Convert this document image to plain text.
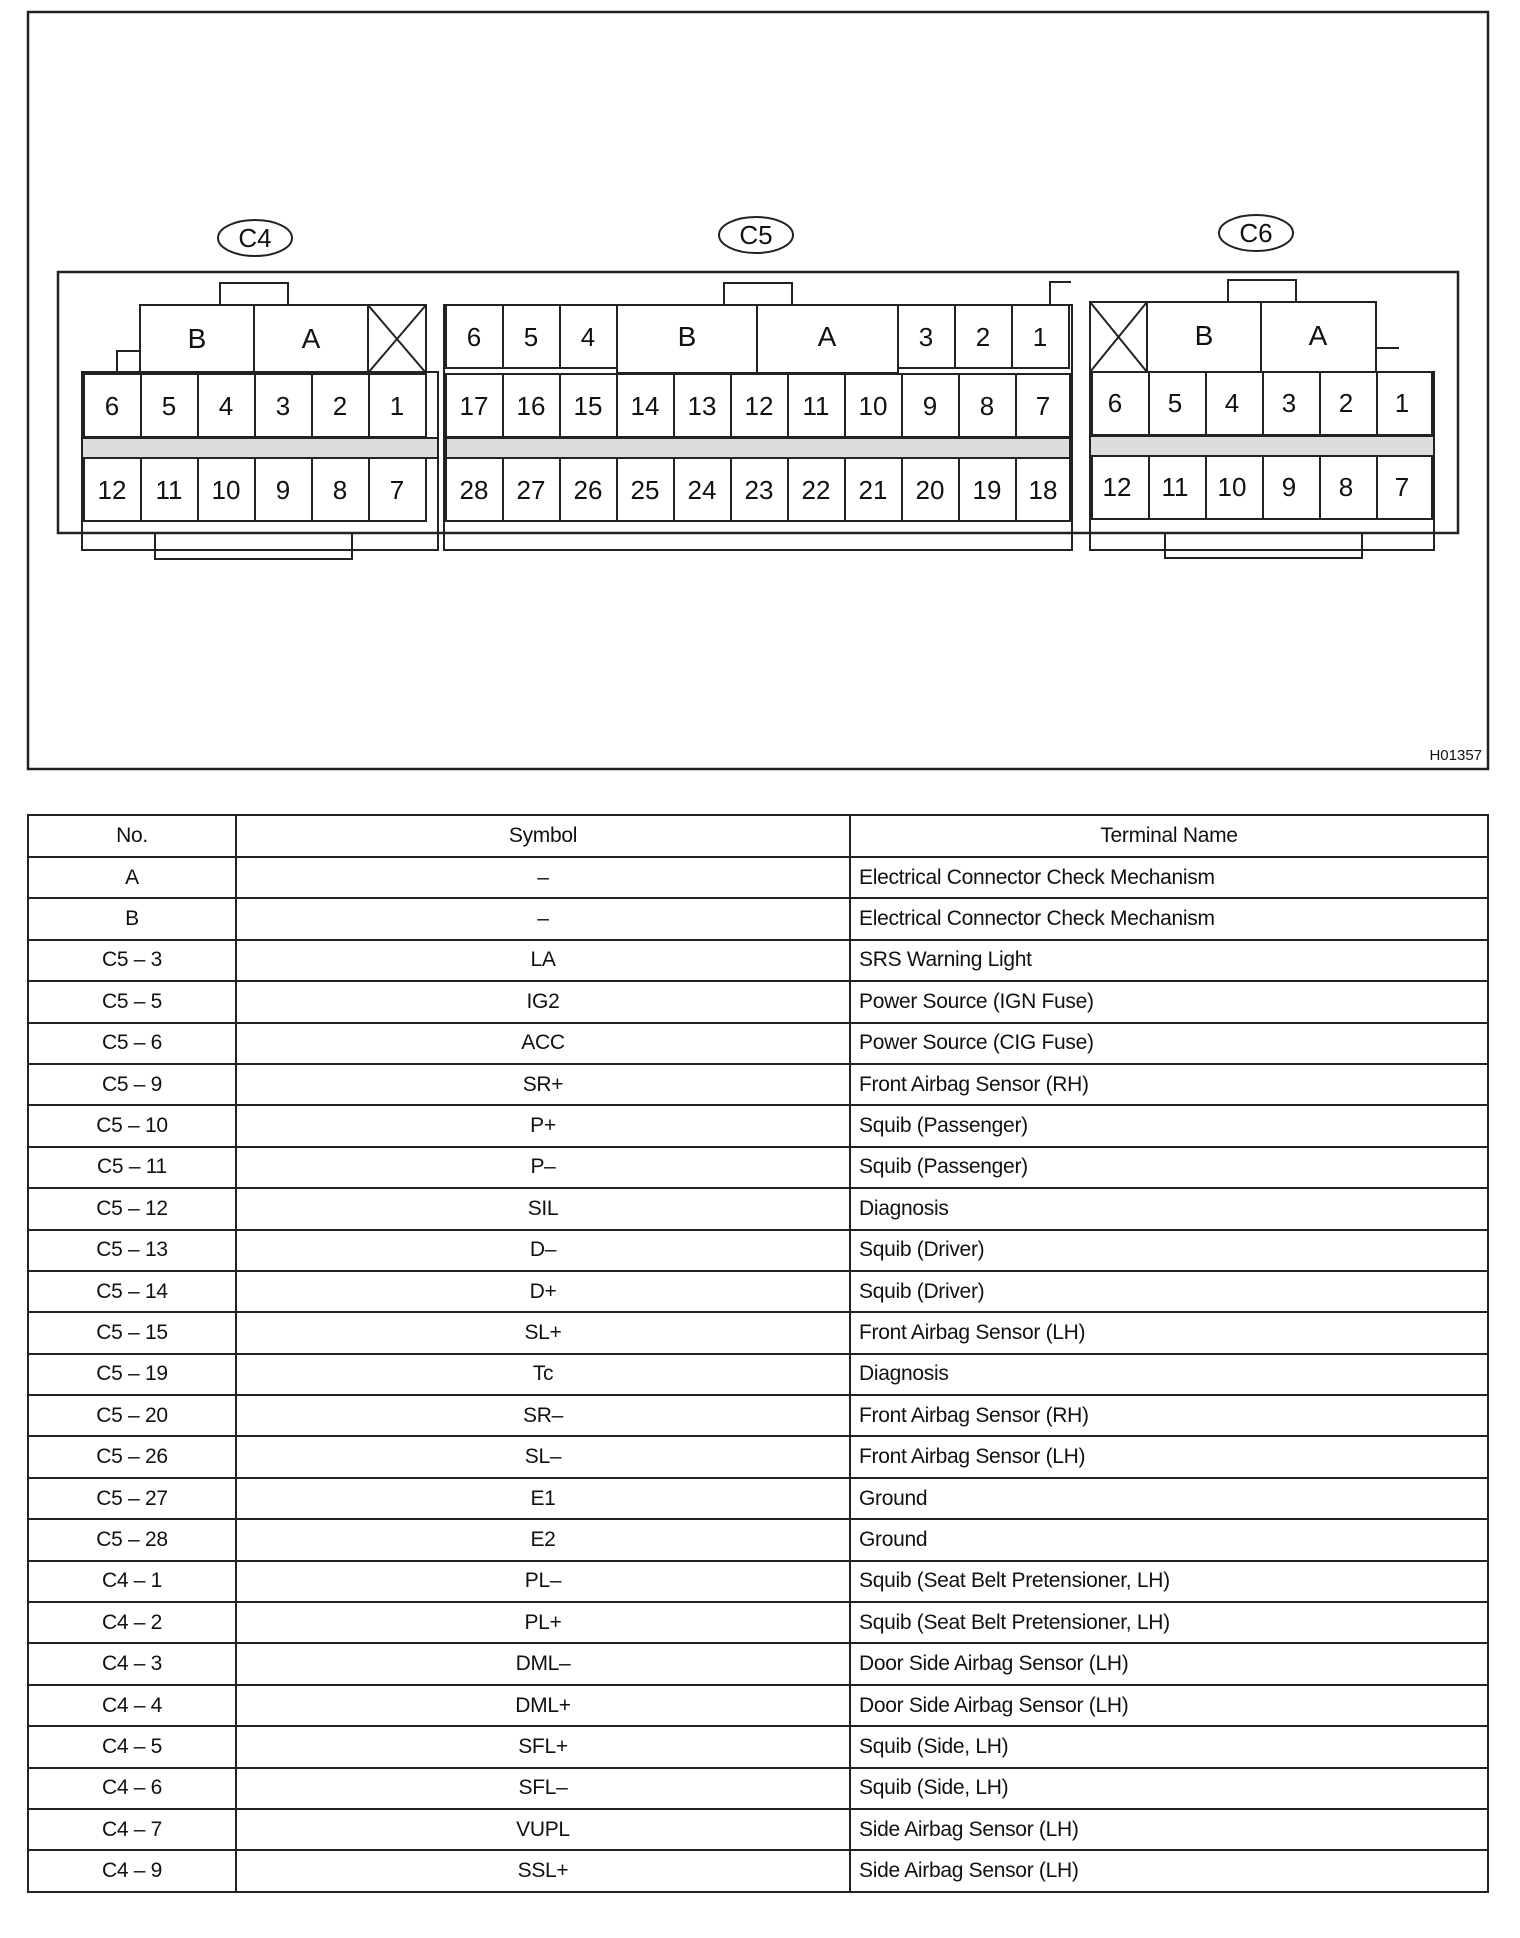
C4	C5	C6
B	A
6 5 4 3 2 1
12 11 10 9 8 7
6 5 4	B	A	3 2 1
17 16 15 14 13 12 11 10 9 8 7
28 27 26 25 24 23 22 21 20 19 18
B	A
6 5 4 3 2 1
12 11 10 9 8 7
H01357
No.	Symbol	Terminal Name
A	–	Electrical Connector Check Mechanism
B	–	Electrical Connector Check Mechanism
C5 – 3	LA	SRS Warning Light
C5 – 5	IG2	Power Source (IGN Fuse)
C5 – 6	ACC	Power Source (CIG Fuse)
C5 – 9	SR+	Front Airbag Sensor (RH)
C5 – 10	P+	Squib (Passenger)
C5 – 11	P–	Squib (Passenger)
C5 – 12	SIL	Diagnosis
C5 – 13	D–	Squib (Driver)
C5 – 14	D+	Squib (Driver)
C5 – 15	SL+	Front Airbag Sensor (LH)
C5 – 19	Tc	Diagnosis
C5 – 20	SR–	Front Airbag Sensor (RH)
C5 – 26	SL–	Front Airbag Sensor (LH)
C5 – 27	E1	Ground
C5 – 28	E2	Ground
C4 – 1	PL–	Squib (Seat Belt Pretensioner, LH)
C4 – 2	PL+	Squib (Seat Belt Pretensioner, LH)
C4 – 3	DML–	Door Side Airbag Sensor (LH)
C4 – 4	DML+	Door Side Airbag Sensor (LH)
C4 – 5	SFL+	Squib (Side, LH)
C4 – 6	SFL–	Squib (Side, LH)
C4 – 7	VUPL	Side Airbag Sensor (LH)
C4 – 9	SSL+	Side Airbag Sensor (LH)
